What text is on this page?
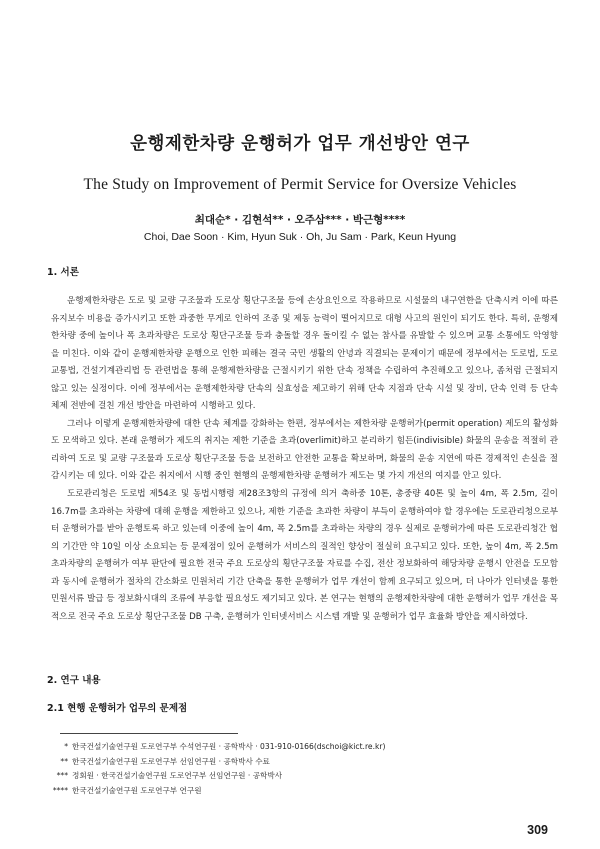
운행제한차량 운행허가 업무 개선방안 연구
The Study on Improvement of Permit Service for Oversize Vehicles
최대순* · 김현석** · 오주삼*** · 박근형****
Choi, Dae Soon · Kim, Hyun Suk · Oh, Ju Sam · Park, Keun Hyung
1. 서론

운행제한차량은 도로 및 교량 구조물과 도로상 횡단구조물 등에 손상요인으로 작용하므로 시설물의 내구연한을 단축시켜 이에 따른 유지보수 비용을 증가시키고 또한 과중한 무게로 인하여 조종 및 제동 능력이 떨어지므로 대형 사고의 원인이 되기도 한다. 특히, 운행제한차량 중에 높이나 폭 초과차량은 도로상 횡단구조물 등과 충돌할 경우 돌이킬 수 없는 참사를 유발할 수 있으며 교통 소통에도 악영향을 미친다. 이와 같이 운행제한차량 운행으로 인한 피해는 결국 국민 생활의 안녕과 직결되는 문제이기 때문에 정부에서는 도로법, 도로교통법, 건설기계관리법 등 관련법을 통해 운행제한차량을 근절시키기 위한 단속 정책을 수립하여 추진해오고 있으나, 좀처럼 근절되지 않고 있는 실정이다. 이에 정부에서는 운행제한차량 단속의 실효성을 제고하기 위해 단속 지점과 단속 시설 및 장비, 단속 인력 등 단속 체제 전반에 걸친 개선 방안을 마련하여 시행하고 있다.

그러나 이렇게 운행제한차량에 대한 단속 체계를 강화하는 한편, 정부에서는 제한차량 운행허가(permit operation) 제도의 활성화도 모색하고 있다. 본래 운행허가 제도의 취지는 제한 기준을 초과(overlimit)하고 분리하기 힘든(indivisible) 화물의 운송을 적절히 관리하여 도로 및 교량 구조물과 도로상 횡단구조물 등을 보전하고 안전한 교통을 확보하며, 화물의 운송 지연에 따른 경제적인 손실을 절감시키는 데 있다. 이와 같은 취지에서 시행 중인 현행의 운행제한차량 운행허가 제도는 몇 가지 개선의 여지를 안고 있다.

도로관리청은 도로법 제54조 및 동법시행령 제28조3항의 규정에 의거 축하중 10톤, 총중량 40톤 및 높이 4m, 폭 2.5m, 길이 16.7m를 초과하는 차량에 대해 운행을 제한하고 있으나, 제한 기준을 초과한 차량이 부득이 운행하여야 할 경우에는 도로관리청으로부터 운행허가를 받아 운행토록 하고 있는데 이중에 높이 4m, 폭 2.5m를 초과하는 차량의 경우 실제로 운행허가에 따른 도로관리청간 협의 기간만 약 10일 이상 소요되는 등 문제점이 있어 운행허가 서비스의 질적인 향상이 절실히 요구되고 있다. 또한, 높이 4m, 폭 2.5m 초과차량의 운행허가 여부 판단에 필요한 전국 주요 도로상의 횡단구조물 자료를 수집, 전산 정보화하여 해당차량 운행시 안전을 도모함과 동시에 운행허가 절차의 간소화로 민원처리 기간 단축을 통한 운행허가 업무 개선이 함께 요구되고 있으며, 더 나아가 인터넷을 통한 민원서류 발급 등 정보화시대의 조류에 부응할 필요성도 제기되고 있다. 본 연구는 현행의 운행제한차량에 대한 운행허가 업무 개선을 목적으로 전국 주요 도로상 횡단구조물 DB 구축, 운행허가 인터넷서비스 시스템 개발 및 운행허가 업무 효율화 방안을 제시하였다.

2. 연구 내용
2.1 현행 운행허가 업무의 문제점
* 한국건설기술연구원 도로연구부 수석연구원 · 공학박사 · 031-910-0166(dschoi@kict.re.kr)
** 한국건설기술연구원 도로연구부 선임연구원 · 공학박사 수료
*** 정회원 · 한국건설기술연구원 도로연구부 선임연구원 · 공학박사
**** 한국건설기술연구원 도로연구부 연구원
309
